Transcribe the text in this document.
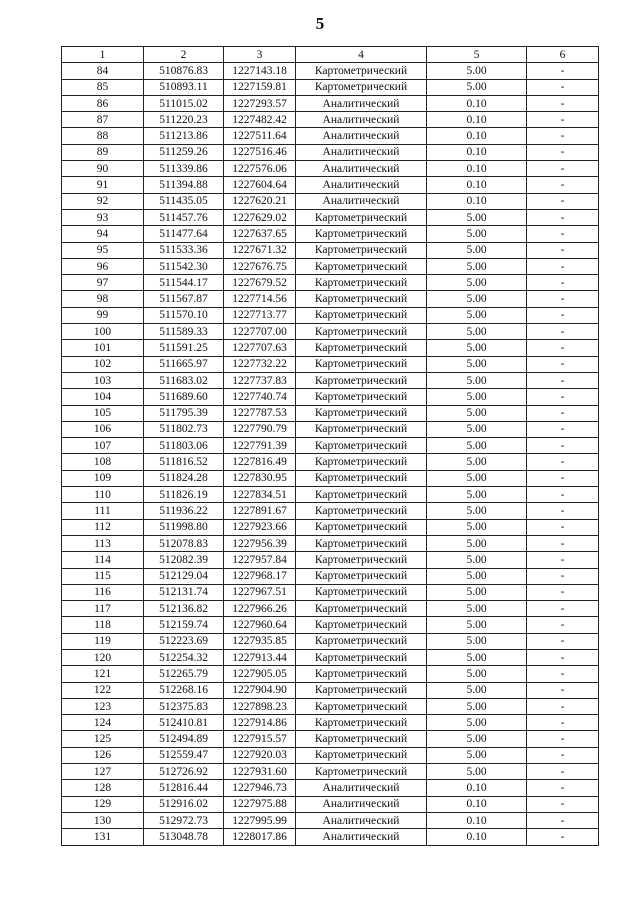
5
1	2	3	4	5	6
84	510876.83	1227143.18	Картометрический	5.00	-
85	510893.11	1227159.81	Картометрический	5.00	-
86	511015.02	1227293.57	Аналитический	0.10	-
87	511220.23	1227482.42	Аналитический	0.10	-
88	511213.86	1227511.64	Аналитический	0.10	-
89	511259.26	1227516.46	Аналитический	0.10	-
90	511339.86	1227576.06	Аналитический	0.10	-
91	511394.88	1227604.64	Аналитический	0.10	-
92	511435.05	1227620.21	Аналитический	0.10	-
93	511457.76	1227629.02	Картометрический	5.00	-
94	511477.64	1227637.65	Картометрический	5.00	-
95	511533.36	1227671.32	Картометрический	5.00	-
96	511542.30	1227676.75	Картометрический	5.00	-
97	511544.17	1227679.52	Картометрический	5.00	-
98	511567.87	1227714.56	Картометрический	5.00	-
99	511570.10	1227713.77	Картометрический	5.00	-
100	511589.33	1227707.00	Картометрический	5.00	-
101	511591.25	1227707.63	Картометрический	5.00	-
102	511665.97	1227732.22	Картометрический	5.00	-
103	511683.02	1227737.83	Картометрический	5.00	-
104	511689.60	1227740.74	Картометрический	5.00	-
105	511795.39	1227787.53	Картометрический	5.00	-
106	511802.73	1227790.79	Картометрический	5.00	-
107	511803.06	1227791.39	Картометрический	5.00	-
108	511816.52	1227816.49	Картометрический	5.00	-
109	511824.28	1227830.95	Картометрический	5.00	-
110	511826.19	1227834.51	Картометрический	5.00	-
111	511936.22	1227891.67	Картометрический	5.00	-
112	511998.80	1227923.66	Картометрический	5.00	-
113	512078.83	1227956.39	Картометрический	5.00	-
114	512082.39	1227957.84	Картометрический	5.00	-
115	512129.04	1227968.17	Картометрический	5.00	-
116	512131.74	1227967.51	Картометрический	5.00	-
117	512136.82	1227966.26	Картометрический	5.00	-
118	512159.74	1227960.64	Картометрический	5.00	-
119	512223.69	1227935.85	Картометрический	5.00	-
120	512254.32	1227913.44	Картометрический	5.00	-
121	512265.79	1227905.05	Картометрический	5.00	-
122	512268.16	1227904.90	Картометрический	5.00	-
123	512375.83	1227898.23	Картометрический	5.00	-
124	512410.81	1227914.86	Картометрический	5.00	-
125	512494.89	1227915.57	Картометрический	5.00	-
126	512559.47	1227920.03	Картометрический	5.00	-
127	512726.92	1227931.60	Картометрический	5.00	-
128	512816.44	1227946.73	Аналитический	0.10	-
129	512916.02	1227975.88	Аналитический	0.10	-
130	512972.73	1227995.99	Аналитический	0.10	-
131	513048.78	1228017.86	Аналитический	0.10	-
